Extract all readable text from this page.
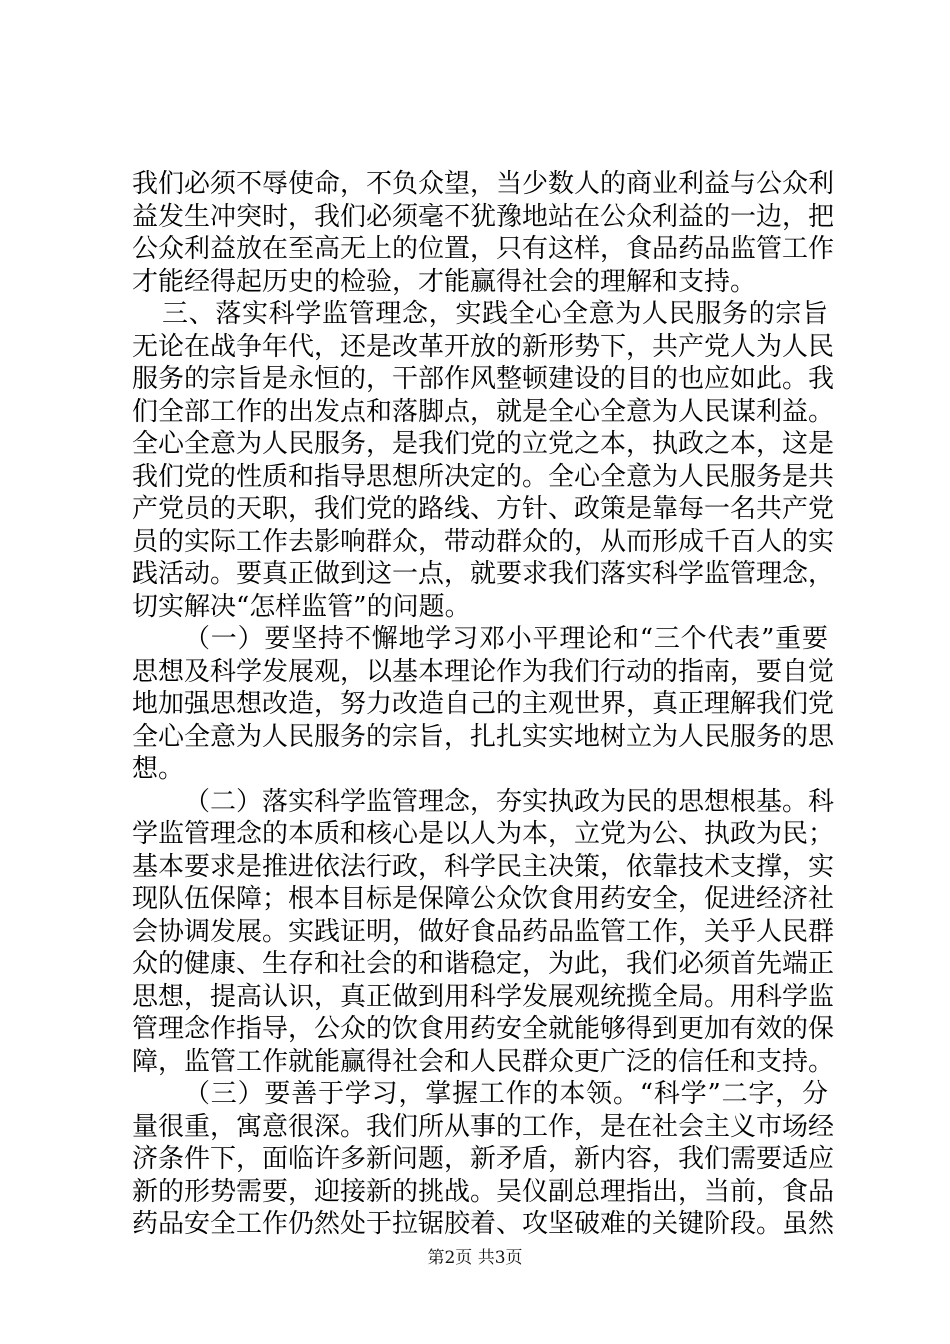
我们必须不辱使命，不负众望，当少数人的商业利益与公众利
益发生冲突时，我们必须毫不犹豫地站在公众利益的一边，把
公众利益放在至高无上的位置，只有这样，食品药品监管工作
才能经得起历史的检验，才能赢得社会的理解和支持。
三、落实科学监管理念，实践全心全意为人民服务的宗旨
无论在战争年代，还是改革开放的新形势下，共产党人为人民
服务的宗旨是永恒的，干部作风整顿建设的目的也应如此。我
们全部工作的出发点和落脚点，就是全心全意为人民谋利益。
全心全意为人民服务，是我们党的立党之本，执政之本，这是
我们党的性质和指导思想所决定的。全心全意为人民服务是共
产党员的天职，我们党的路线、方针、政策是靠每一名共产党
员的实际工作去影响群众，带动群众的，从而形成千百人的实
践活动。要真正做到这一点，就要求我们落实科学监管理念，
切实解决“怎样监管”的问题。
（一）要坚持不懈地学习邓小平理论和“三个代表”重要
思想及科学发展观，以基本理论作为我们行动的指南，要自觉
地加强思想改造，努力改造自己的主观世界，真正理解我们党
全心全意为人民服务的宗旨，扎扎实实地树立为人民服务的思
想。
（二）落实科学监管理念，夯实执政为民的思想根基。科
学监管理念的本质和核心是以人为本，立党为公、执政为民；
基本要求是推进依法行政，科学民主决策，依靠技术支撑，实
现队伍保障；根本目标是保障公众饮食用药安全，促进经济社
会协调发展。实践证明，做好食品药品监管工作，关乎人民群
众的健康、生存和社会的和谐稳定，为此，我们必须首先端正
思想，提高认识，真正做到用科学发展观统揽全局。用科学监
管理念作指导，公众的饮食用药安全就能够得到更加有效的保
障，监管工作就能赢得社会和人民群众更广泛的信任和支持。
（三）要善于学习，掌握工作的本领。“科学”二字，分
量很重，寓意很深。我们所从事的工作，是在社会主义市场经
济条件下，面临许多新问题，新矛盾，新内容，我们需要适应
新的形势需要，迎接新的挑战。吴仪副总理指出，当前，食品
药品安全工作仍然处于拉锯胶着、攻坚破难的关键阶段。虽然
第2页 共3页
